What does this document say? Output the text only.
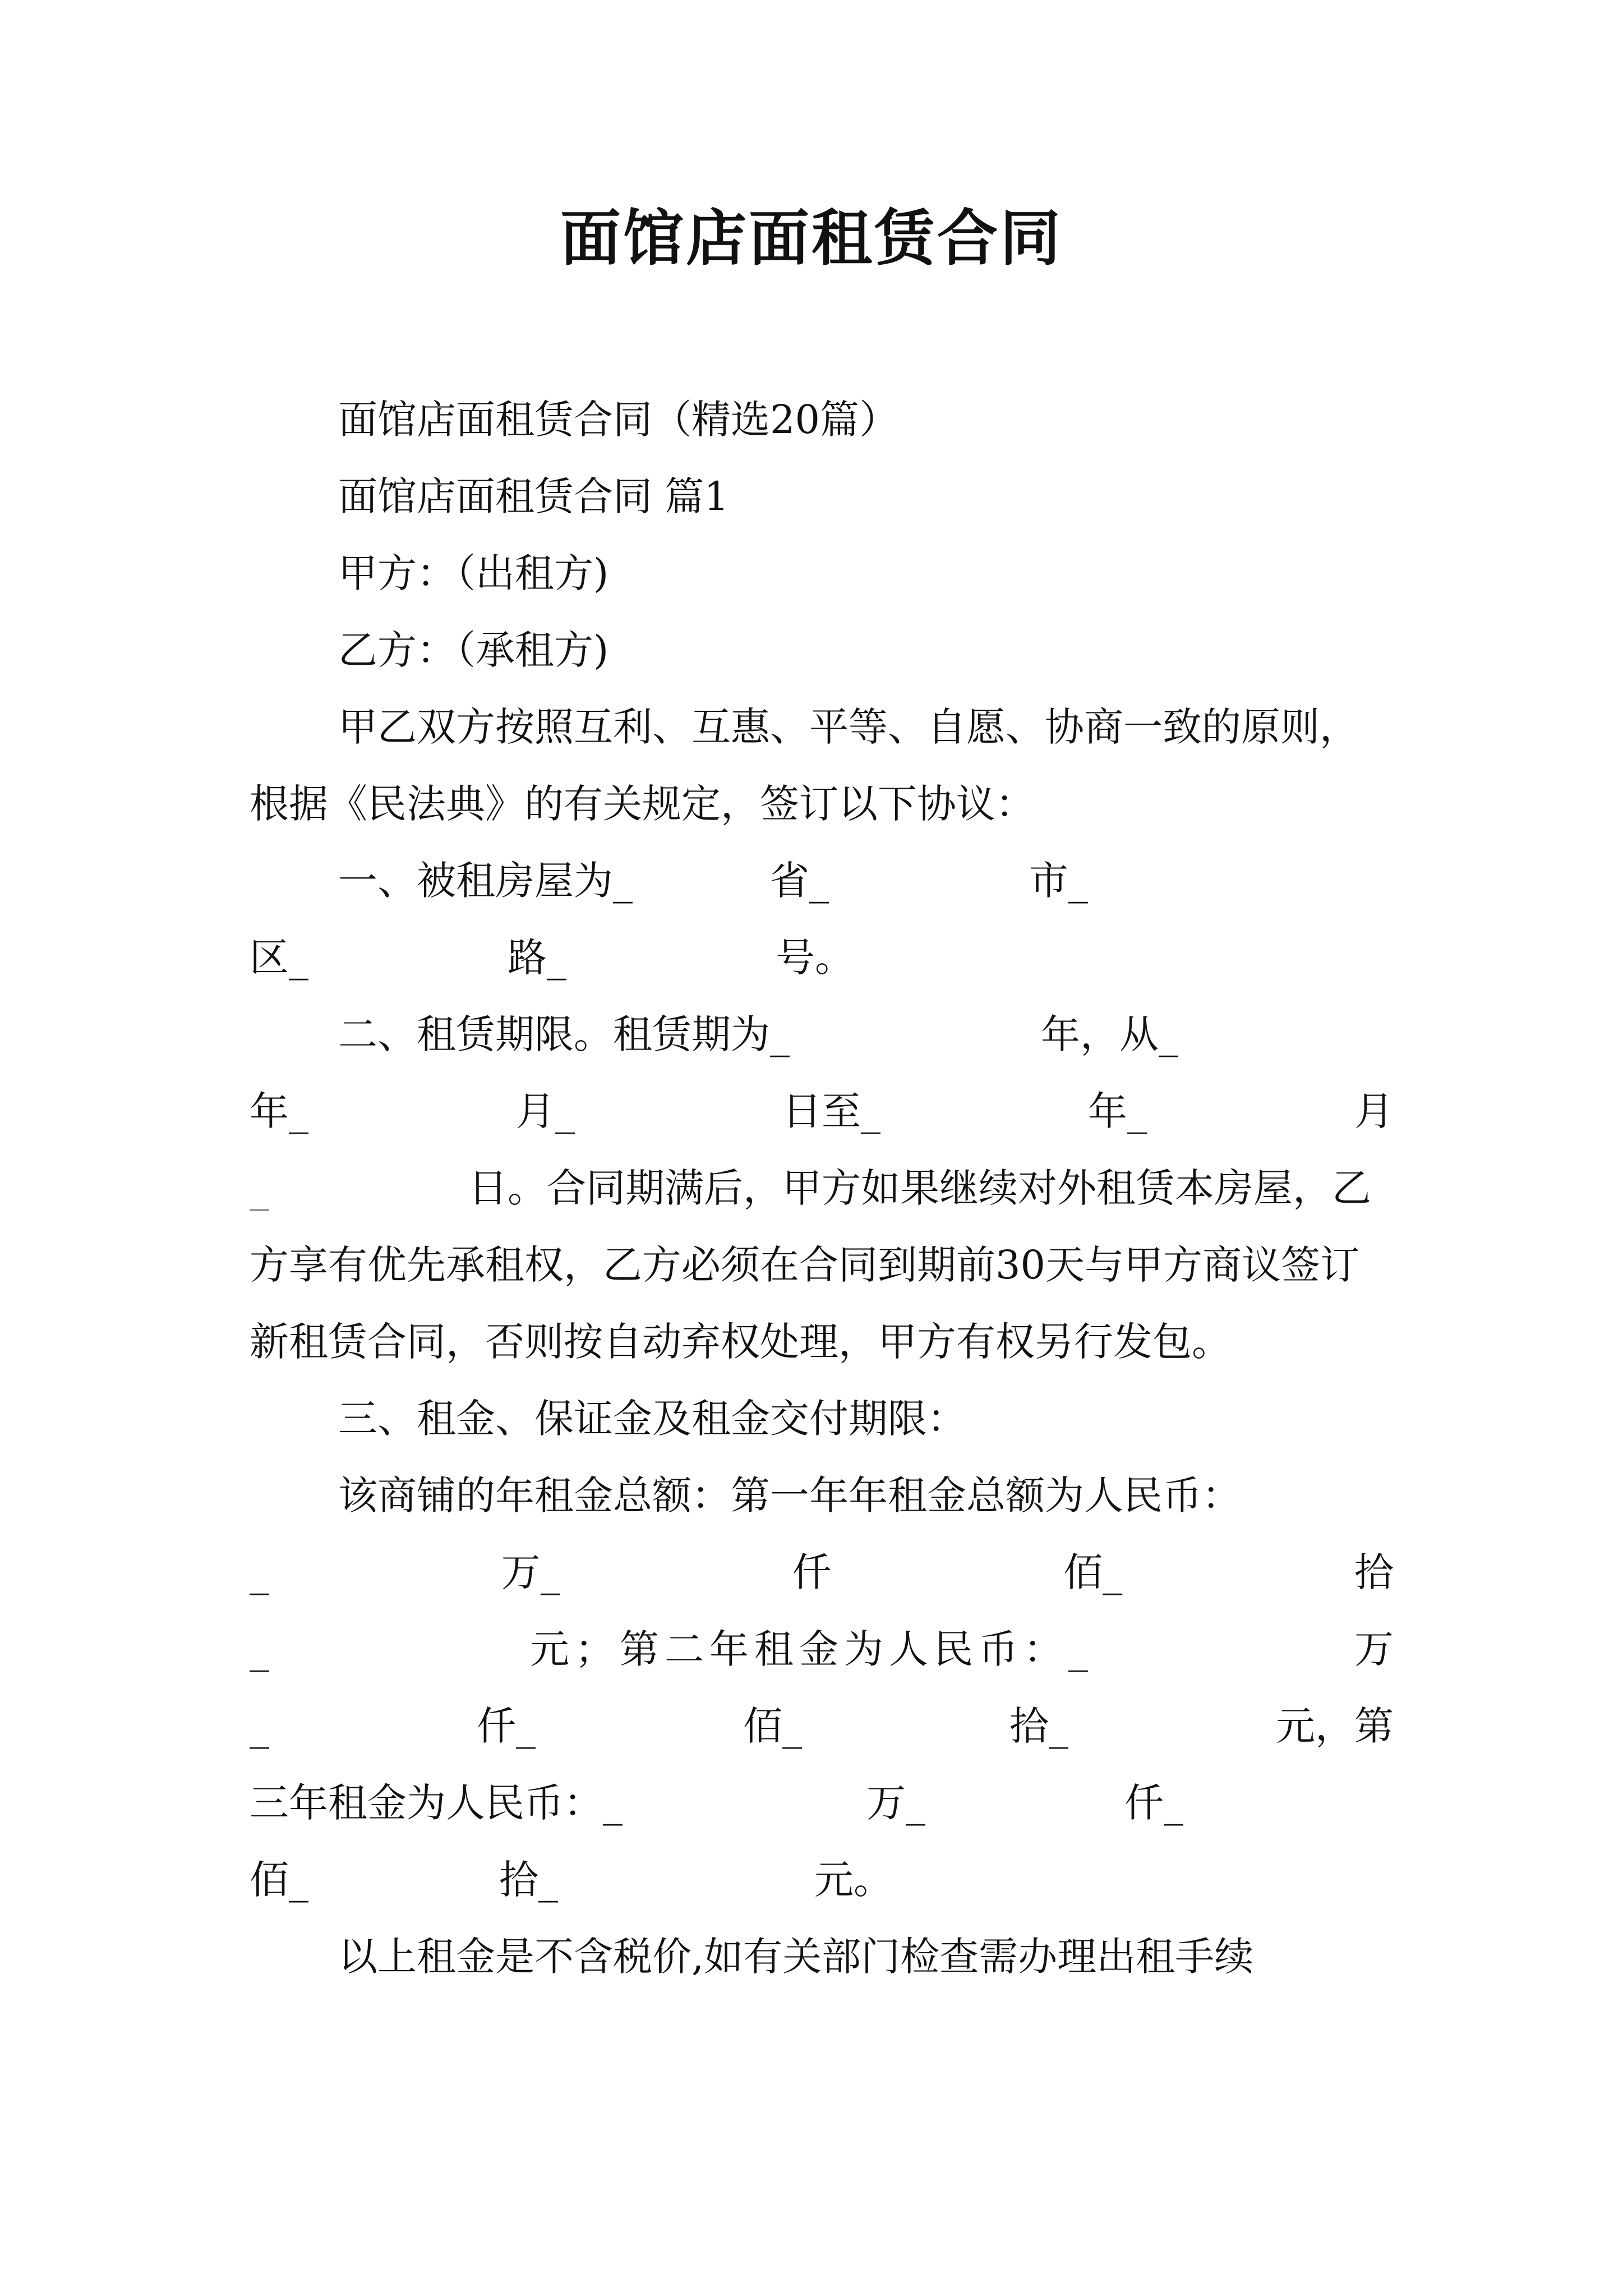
面馆店面租赁合同

面馆店面租赁合同（精选20篇）

面馆店面租赁合同 篇1

甲方：（出租方)

乙方：（承租方)

甲乙双方按照互利、互惠、平等、自愿、协商一致的原则，根据《民法典》的有关规定，签订以下协议：

一、被租房屋为_	省_	市_
区_	路_	号。
二、租赁期限。租赁期为_	年，从_
年_	月_	日至_	年_	月

_	日。合同期满后，甲方如果继续对外租赁本房屋，乙方享有优先承租权，乙方必须在合同到期前30天与甲方商议签订新租赁合同，否则按自动弃权处理，甲方有权另行发包。

三、租金、保证金及租金交付期限：

该商铺的年租金总额：第一年年租金总额为人民币：

_	万_	仟	佰_	拾
_	元；第二年租金为人民币：_	万
_	仟_	佰_	拾_	元，第
三年租金为人民币：_	万_	仟_
佰_	拾_	元。

以上租金是不含税价,如有关部门检查需办理出租手续
